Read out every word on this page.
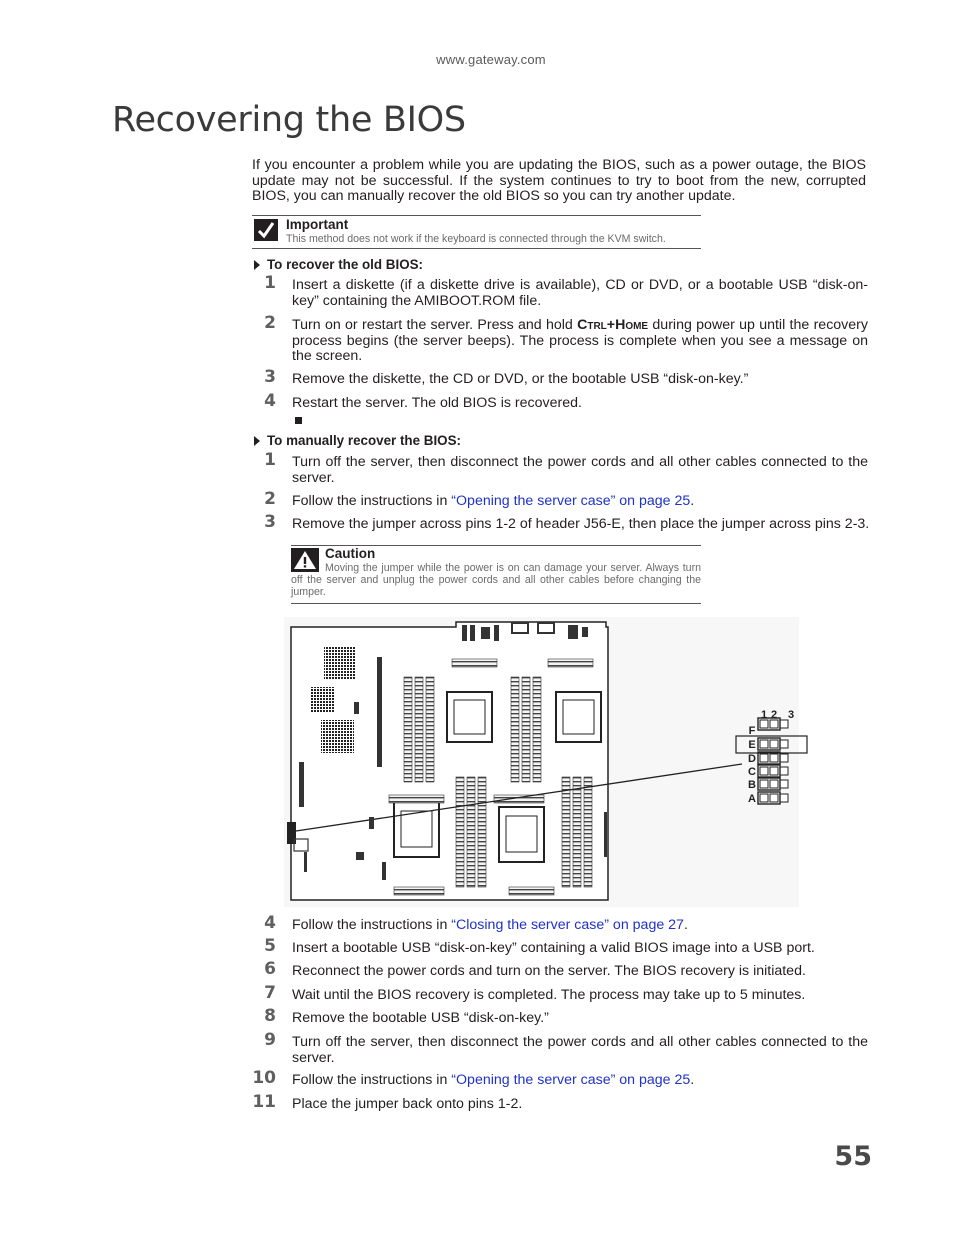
www.gateway.com
Recovering the BIOS

If you encounter a problem while you are updating the BIOS, such as a power outage, the BIOS update may not be successful. If the system continues to try to boot from the new, corrupted BIOS, you can manually recover the old BIOS so you can try another update.

Important
This method does not work if the keyboard is connected through the KVM switch.
To recover the old BIOS:
1 Insert a diskette (if a diskette drive is available), CD or DVD, or a bootable USB “disk-on-key” containing the AMIBOOT.ROM file.
2 Turn on or restart the server. Press and hold Ctrl+Home during power up until the recovery process begins (the server beeps). The process is complete when you see a message on the screen.
3 Remove the diskette, the CD or DVD, or the bootable USB “disk-on-key.”
4 Restart the server. The old BIOS is recovered.
To manually recover the BIOS:
1 Turn off the server, then disconnect the power cords and all other cables connected to the server.
2 Follow the instructions in “Opening the server case” on page 25.
3 Remove the jumper across pins 1-2 of header J56-E, then place the jumper across pins 2-3.
Caution
Moving the jumper while the power is on can damage your server. Always turn off the server and unplug the power cords and all other cables before changing the jumper.
1 2 3
F
E
D
C
B
A
4 Follow the instructions in “Closing the server case” on page 27.
5 Insert a bootable USB “disk-on-key” containing a valid BIOS image into a USB port.
6 Reconnect the power cords and turn on the server. The BIOS recovery is initiated.
7 Wait until the BIOS recovery is completed. The process may take up to 5 minutes.
8 Remove the bootable USB “disk-on-key.”
9 Turn off the server, then disconnect the power cords and all other cables connected to the server.
10 Follow the instructions in “Opening the server case” on page 25.
11 Place the jumper back onto pins 1-2.
55
